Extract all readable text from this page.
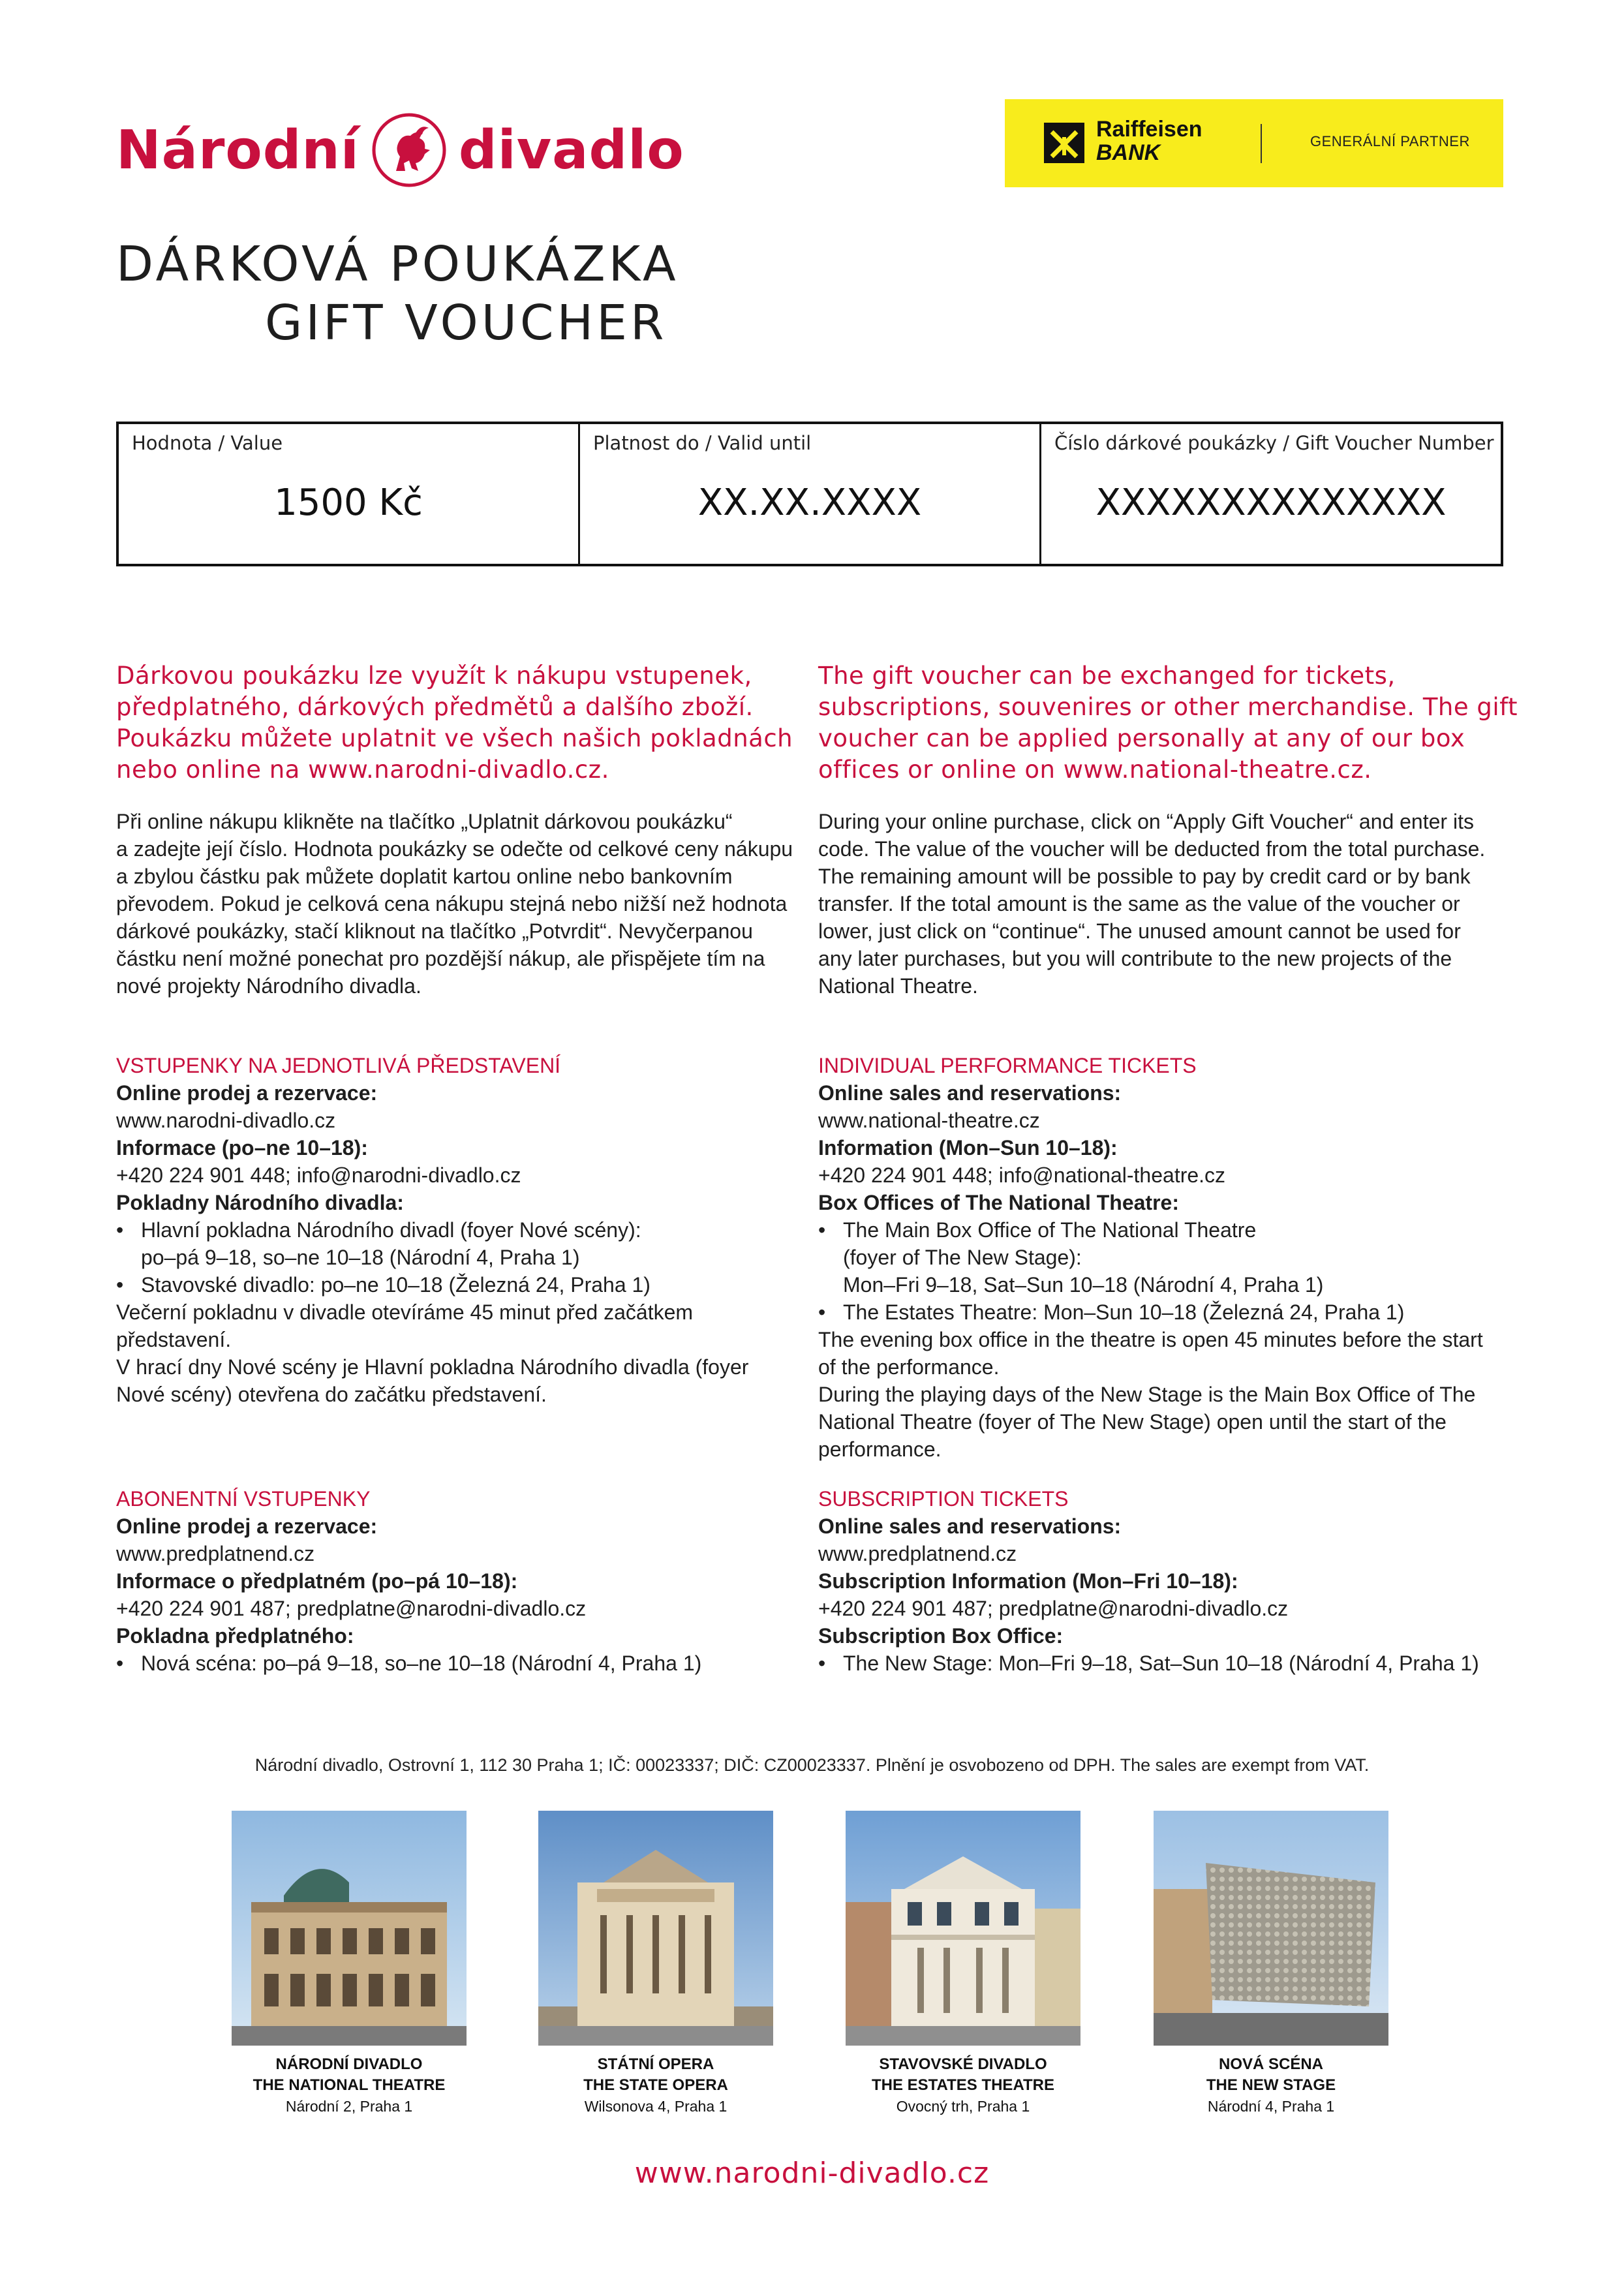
Národní divadlo	Raiffeisen
BANK	GENERÁLNÍ PARTNER
DÁRKOVÁ POUKÁZKA
GIFT VOUCHER
Hodnota / Value
1500 Kč
Platnost do / Valid until
XX.XX.XXXX
Číslo dárkové poukázky / Gift Voucher Number
XXXXXXXXXXXXXX
Dárkovou poukázku lze využít k nákupu vstupenek,
předplatného, dárkových předmětů a dalšího zboží.
Poukázku můžete uplatnit ve všech našich pokladnách
nebo online na www.narodni-divadlo.cz.
Při online nákupu klikněte na tlačítko „Uplatnit dárkovou poukázku“
a zadejte její číslo. Hodnota poukázky se odečte od celkové ceny nákupu
a zbylou částku pak můžete doplatit kartou online nebo bankovním
převodem. Pokud je celková cena nákupu stejná nebo nižší než hodnota
dárkové poukázky, stačí kliknout na tlačítko „Potvrdit“. Nevyčerpanou
částku není možné ponechat pro pozdější nákup, ale přispějete tím na
nové projekty Národního divadla.
VSTUPENKY NA JEDNOTLIVÁ PŘEDSTAVENÍ
Online prodej a rezervace:
www.narodni-divadlo.cz
Informace (po–ne 10–18):
+420 224 901 448; info@narodni-divadlo.cz
Pokladny Národního divadla:
• Hlavní pokladna Národního divadl (foyer Nové scény):
po–pá 9–18, so–ne 10–18 (Národní 4, Praha 1)
• Stavovské divadlo: po–ne 10–18 (Železná 24, Praha 1)
Večerní pokladnu v divadle otevíráme 45 minut před začátkem
představení.
V hrací dny Nové scény je Hlavní pokladna Národního divadla (foyer
Nové scény) otevřena do začátku představení.
ABONENTNÍ VSTUPENKY
Online prodej a rezervace:
www.predplatnend.cz
Informace o předplatném (po–pá 10–18):
+420 224 901 487; predplatne@narodni-divadlo.cz
Pokladna předplatného:
• Nová scéna: po–pá 9–18, so–ne 10–18 (Národní 4, Praha 1)
The gift voucher can be exchanged for tickets,
subscriptions, souvenires or other merchandise. The gift
voucher can be applied personally at any of our box
offices or online on www.national-theatre.cz.
During your online purchase, click on “Apply Gift Voucher“ and enter its
code. The value of the voucher will be deducted from the total purchase.
The remaining amount will be possible to pay by credit card or by bank
transfer. If the total amount is the same as the value of the voucher or
lower, just click on “continue“. The unused amount cannot be used for
any later purchases, but you will contribute to the new projects of the
National Theatre.
INDIVIDUAL PERFORMANCE TICKETS
Online sales and reservations:
www.national-theatre.cz
Information (Mon–Sun 10–18):
+420 224 901 448; info@national-theatre.cz
Box Offices of The National Theatre:
• The Main Box Office of The National Theatre
(foyer of The New Stage):
Mon–Fri 9–18, Sat–Sun 10–18 (Národní 4, Praha 1)
• The Estates Theatre: Mon–Sun 10–18 (Železná 24, Praha 1)
The evening box office in the theatre is open 45 minutes before the start
of the performance.
During the playing days of the New Stage is the Main Box Office of The
National Theatre (foyer of The New Stage) open until the start of the
performance.
SUBSCRIPTION TICKETS
Online sales and reservations:
www.predplatnend.cz
Subscription Information (Mon–Fri 10–18):
+420 224 901 487; predplatne@narodni-divadlo.cz
Subscription Box Office:
• The New Stage: Mon–Fri 9–18, Sat–Sun 10–18 (Národní 4, Praha 1)
Národní divadlo, Ostrovní 1, 112 30 Praha 1; IČ: 00023337; DIČ: CZ00023337. Plnění je osvobozeno od DPH. The sales are exempt from VAT.
NÁRODNÍ DIVADLO
THE NATIONAL THEATRE
Národní 2, Praha 1
STÁTNÍ OPERA
THE STATE OPERA
Wilsonova 4, Praha 1
STAVOVSKÉ DIVADLO
THE ESTATES THEATRE
Ovocný trh, Praha 1
NOVÁ SCÉNA
THE NEW STAGE
Národní 4, Praha 1
www.narodni-divadlo.cz
